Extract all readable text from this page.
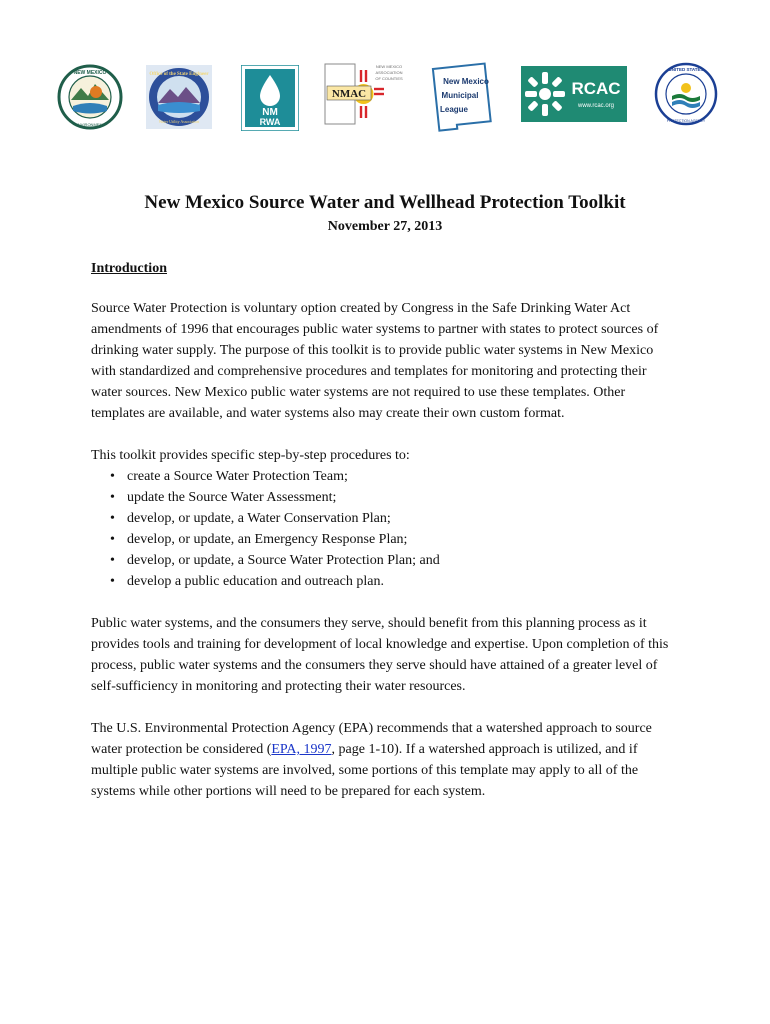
NEW MEXICO
ENVIRONMENT
Office of the State Engineer
Water Utility Association
NM
RWA
NMAC
NEW MEXICO
ASSOCIATION
OF COUNTIES	New Mexico
Municipal
League
RCAC
www.rcac.org
UNITED STATES
PROTECTION AGENCY
New Mexico Source Water and Wellhead Protection Toolkit
November 27, 2013

Introduction

Source Water Protection is voluntary option created by Congress in the Safe Drinking Water Act amendments of 1996 that encourages public water systems to partner with states to protect sources of drinking water supply. The purpose of this toolkit is to provide public water systems in New Mexico with standardized and comprehensive procedures and templates for monitoring and protecting their water sources. New Mexico public water systems are not required to use these templates. Other templates are available, and water systems also may create their own custom format.

This toolkit provides specific step-by-step procedures to:

• create a Source Water Protection Team;
• update the Source Water Assessment;
• develop, or update, a Water Conservation Plan;
• develop, or update, an Emergency Response Plan;
• develop, or update, a Source Water Protection Plan; and
• develop a public education and outreach plan.

Public water systems, and the consumers they serve, should benefit from this planning process as it provides tools and training for development of local knowledge and expertise. Upon completion of this process, public water systems and the consumers they serve should have attained of a greater level of self-sufficiency in monitoring and protecting their water resources.

The U.S. Environmental Protection Agency (EPA) recommends that a watershed approach to source water protection be considered (EPA, 1997, page 1-10). If a watershed approach is utilized, and if multiple public water systems are involved, some portions of this template may apply to all of the systems while other portions will need to be prepared for each system.
